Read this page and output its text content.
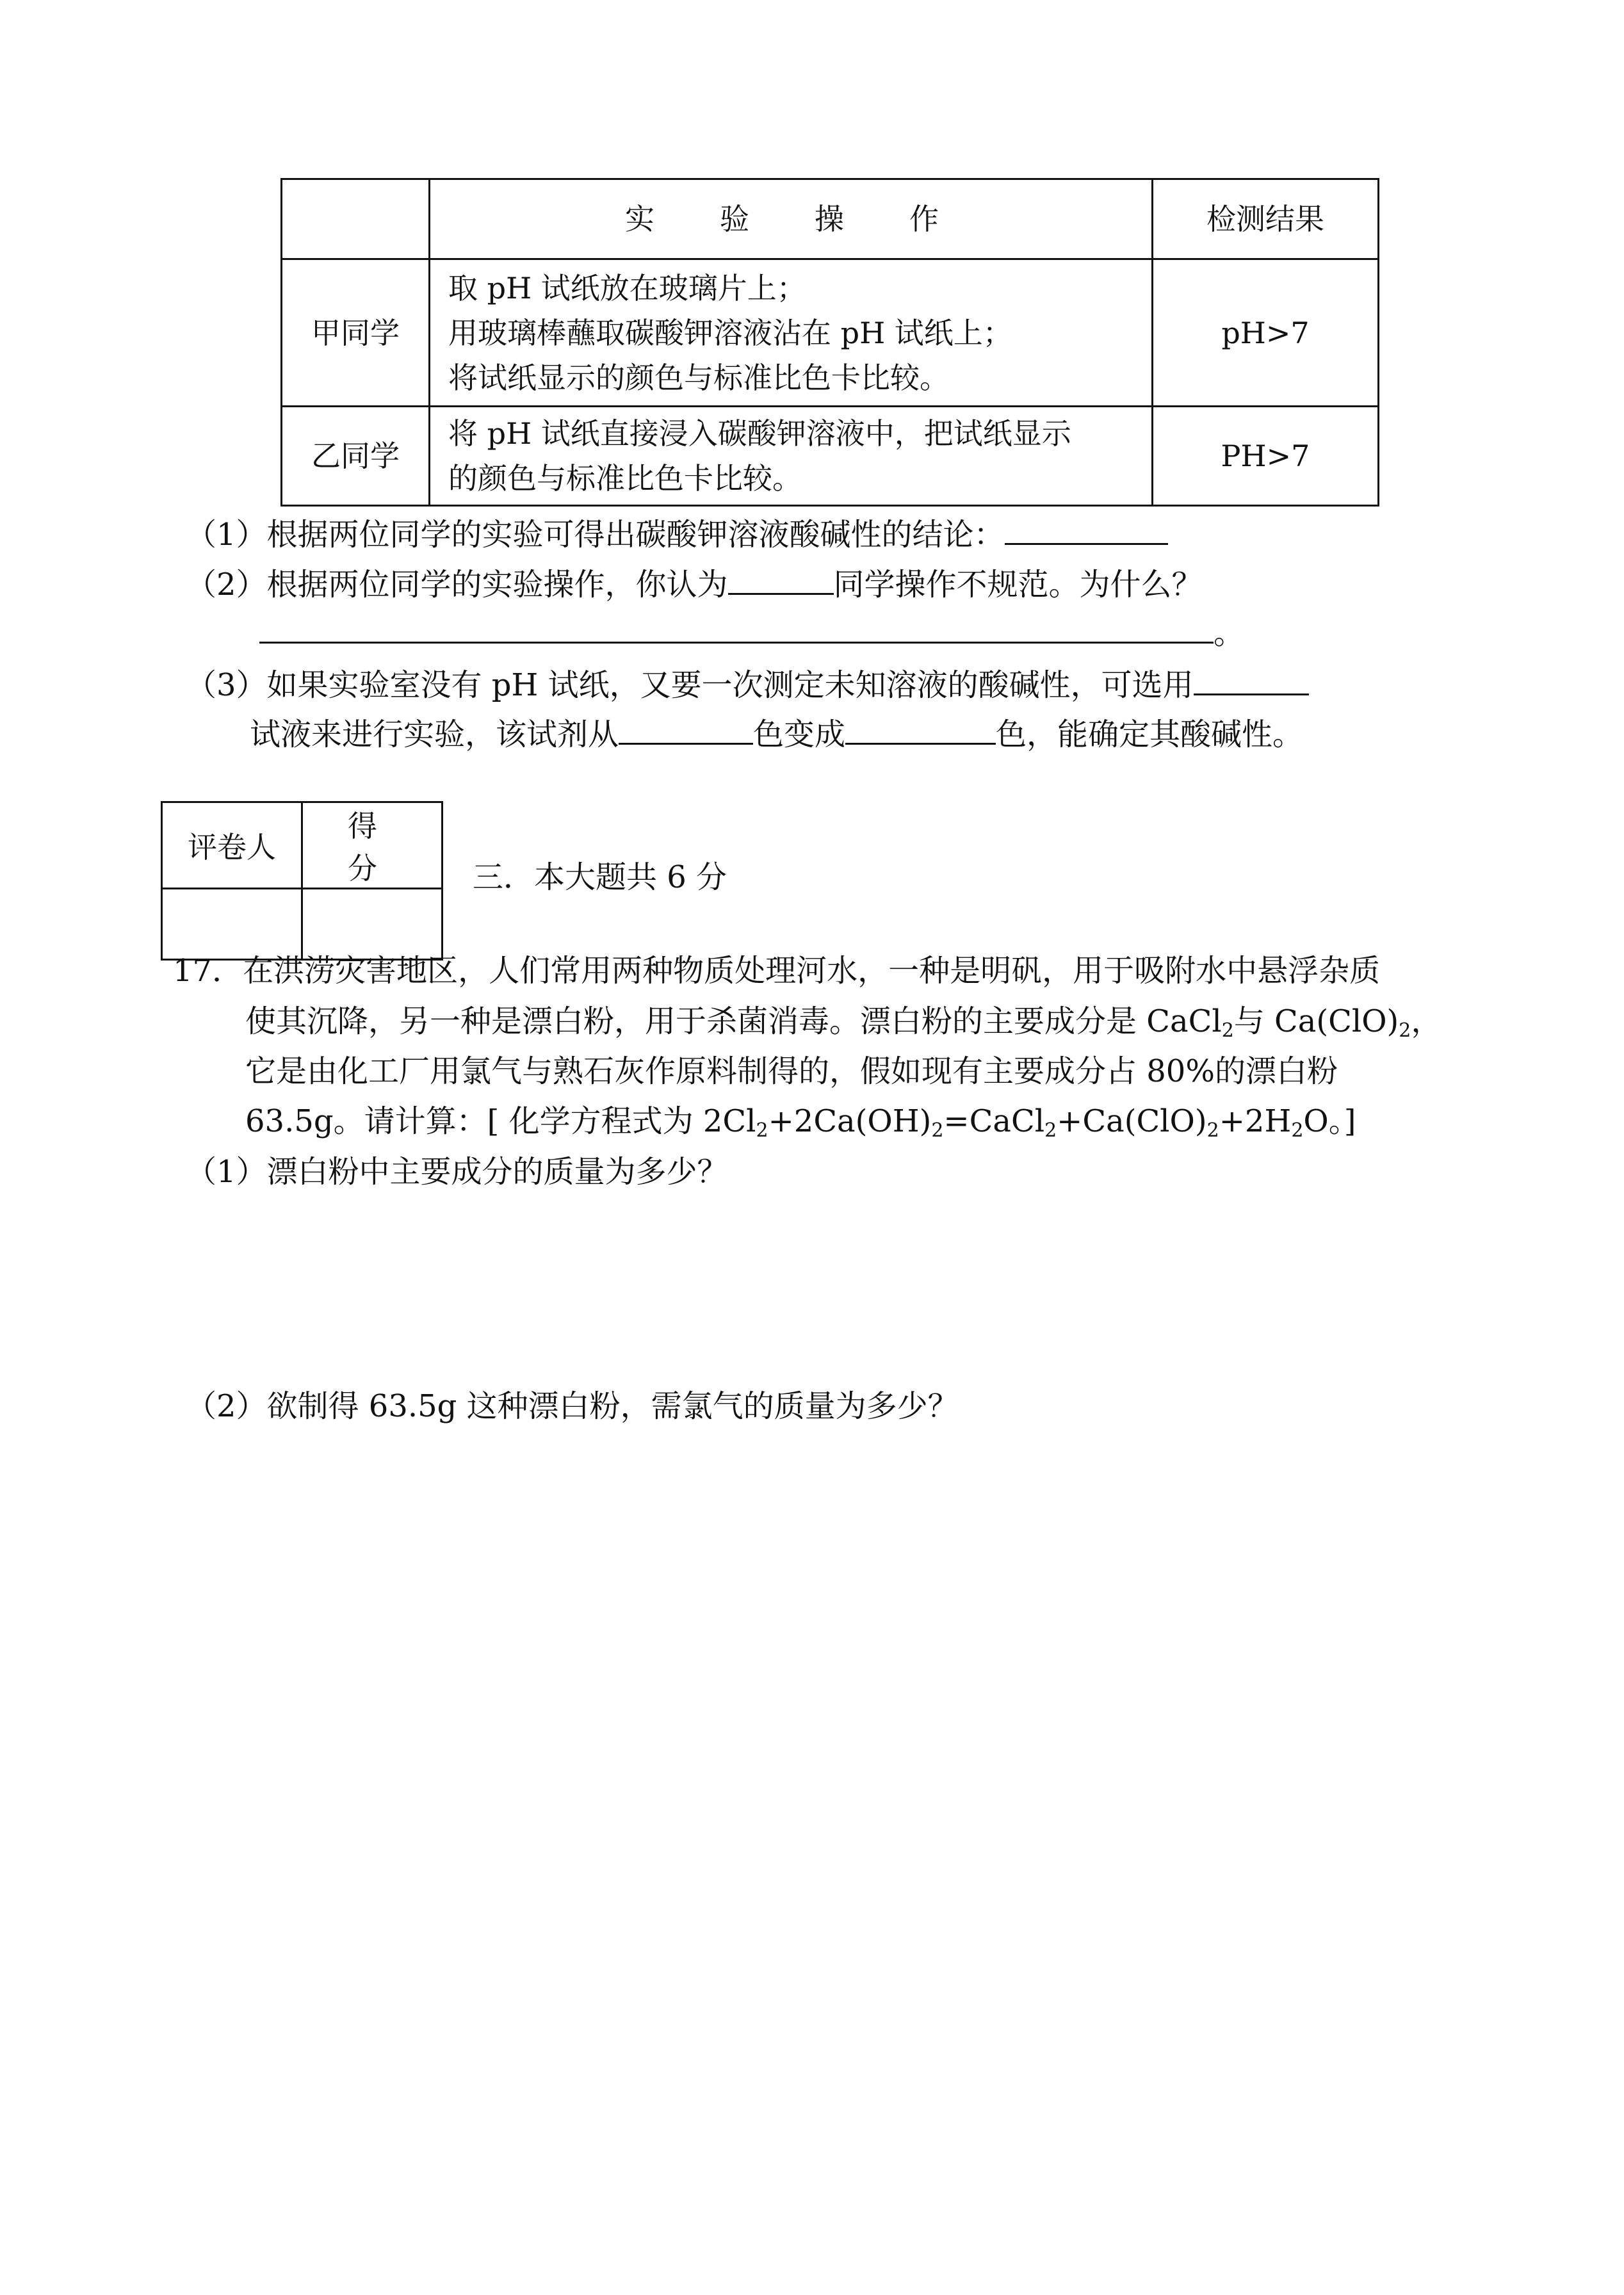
	实　验　操　作	检测结果
甲同学	取 pH 试纸放在玻璃片上；
用玻璃棒蘸取碳酸钾溶液沾在 pH 试纸上；
将试纸显示的颜色与标准比色卡比较。	pH>7
乙同学	将 pH 试纸直接浸入碳酸钾溶液中，把试纸显示
的颜色与标准比色卡比较。	PH>7
（1）根据两位同学的实验可得出碳酸钾溶液酸碱性的结论：
（2）根据两位同学的实验操作，你认为	同学操作不规范。为什么？
。
（3）如果实验室没有 pH 试纸，又要一次测定未知溶液的酸碱性，可选用
试液来进行实验，该试剂从	色变成	色，能确定其酸碱性。
评卷人	得　分
	三．本大题共 6 分
17．在洪涝灾害地区，人们常用两种物质处理河水，一种是明矾，用于吸附水中悬浮杂质
使其沉降，另一种是漂白粉，用于杀菌消毒。漂白粉的主要成分是 CaCl$_2$与 $Ca(ClO)_2$，
它是由化工厂用氯气与熟石灰作原料制得的，假如现有主要成分占 80%的漂白粉
63.5g。请计算：[ 化学方程式为 $2Cl_2+2Ca(OH)_2=CaCl_2+Ca(ClO)_2+2H_2O$。]
（1）漂白粉中主要成分的质量为多少？
（2）欲制得 63.5g 这种漂白粉，需氯气的质量为多少？
